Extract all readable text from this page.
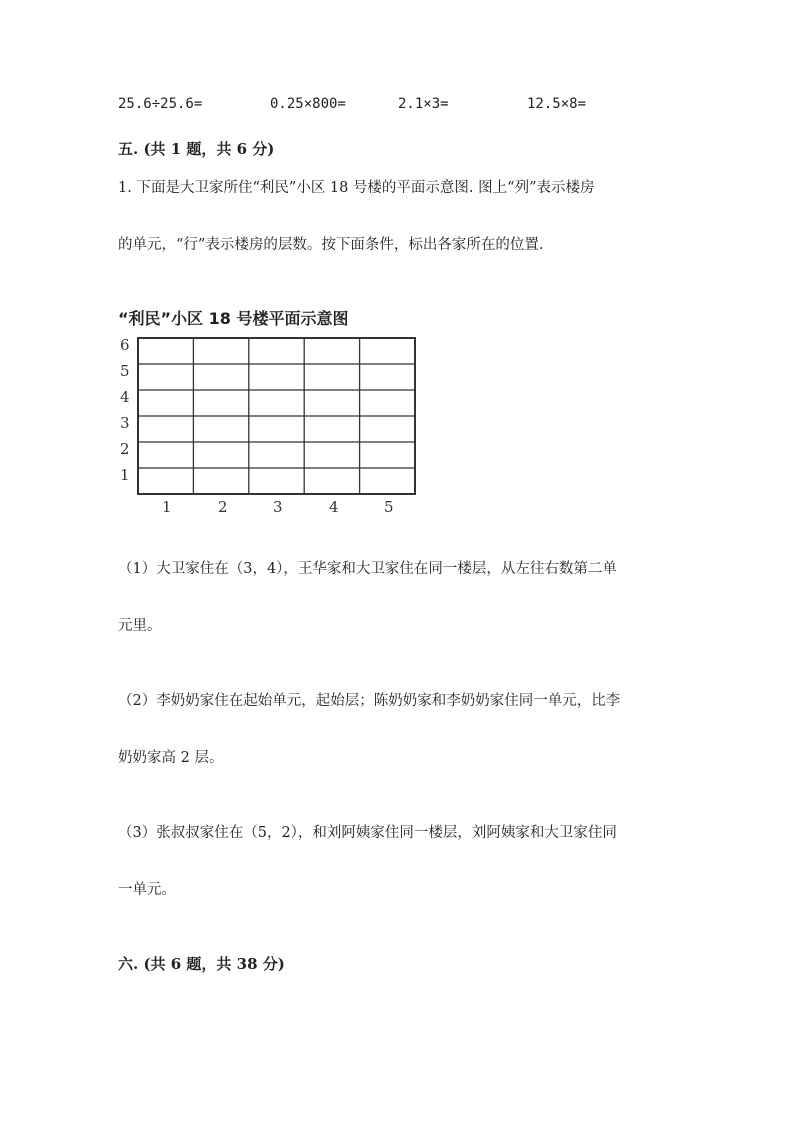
25.6÷25.6=	0.25×800=	2.1×3=	12.5×8=
五. (共 1 题，共 6 分)
1. 下面是大卫家所住“利民”小区 18 号楼的平面示意图. 图上“列”表示楼房
的单元，“行”表示楼房的层数。按下面条件，标出各家所在的位置.
“利民”小区 18 号楼平面示意图
6
5
4
3
2
1
1	2	3	4	5
（1）大卫家住在（3，4），王华家和大卫家住在同一楼层，从左往右数第二单
元里。
（2）李奶奶家住在起始单元，起始层；陈奶奶家和李奶奶家住同一单元，比李
奶奶家高 2 层。
（3）张叔叔家住在（5，2），和刘阿姨家住同一楼层，刘阿姨家和大卫家住同
一单元。
六. (共 6 题，共 38 分)
